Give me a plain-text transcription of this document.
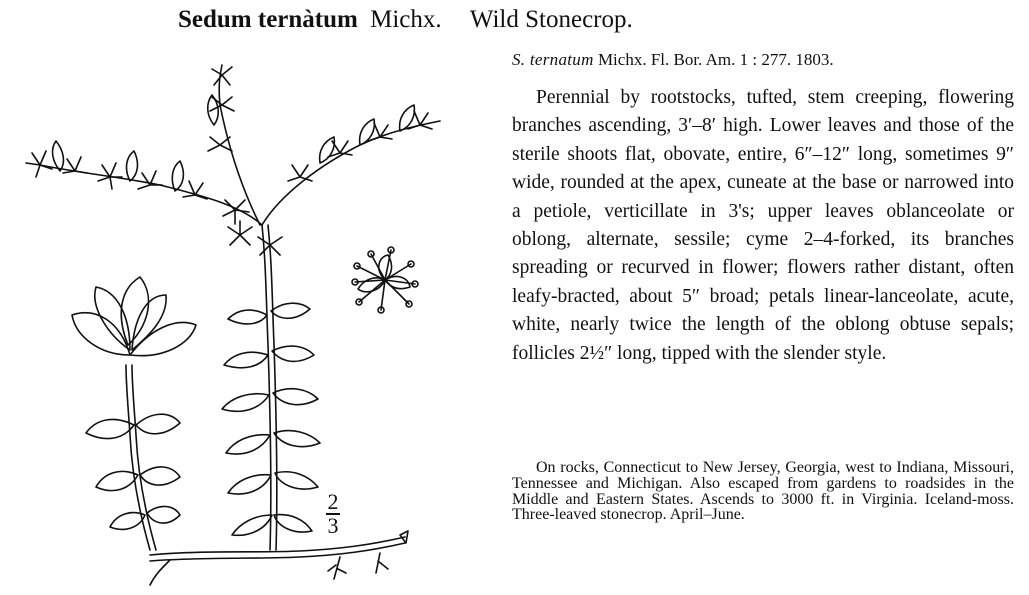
Sedum ternàtum Michx. Wild Stonecrop.
S. ternatum Michx. Fl. Bor. Am. 1 : 277. 1803.

Perennial by rootstocks, tufted, stem creeping, flowering branches ascending, 3′–8′ high. Lower leaves and those of the sterile shoots flat, obovate, entire, 6″–12″ long, sometimes 9″ wide, rounded at the apex, cuneate at the base or narrowed into a petiole, verticillate in 3's; upper leaves oblanceolate or oblong, alternate, sessile; cyme 2–4-forked, its branches spreading or recurved in flower; flowers rather distant, often leafy-bracted, about 5″ broad; petals linear-lanceolate, acute, white, nearly twice the length of the oblong obtuse sepals; follicles 2½″ long, tipped with the slender style.

On rocks, Connecticut to New Jersey, Georgia, west to Indiana, Missouri, Tennessee and Michigan. Also escaped from gardens to roadsides in the Middle and Eastern States. Ascends to 3000 ft. in Virginia. Iceland-moss. Three-leaved stonecrop. April–June.

2
3
